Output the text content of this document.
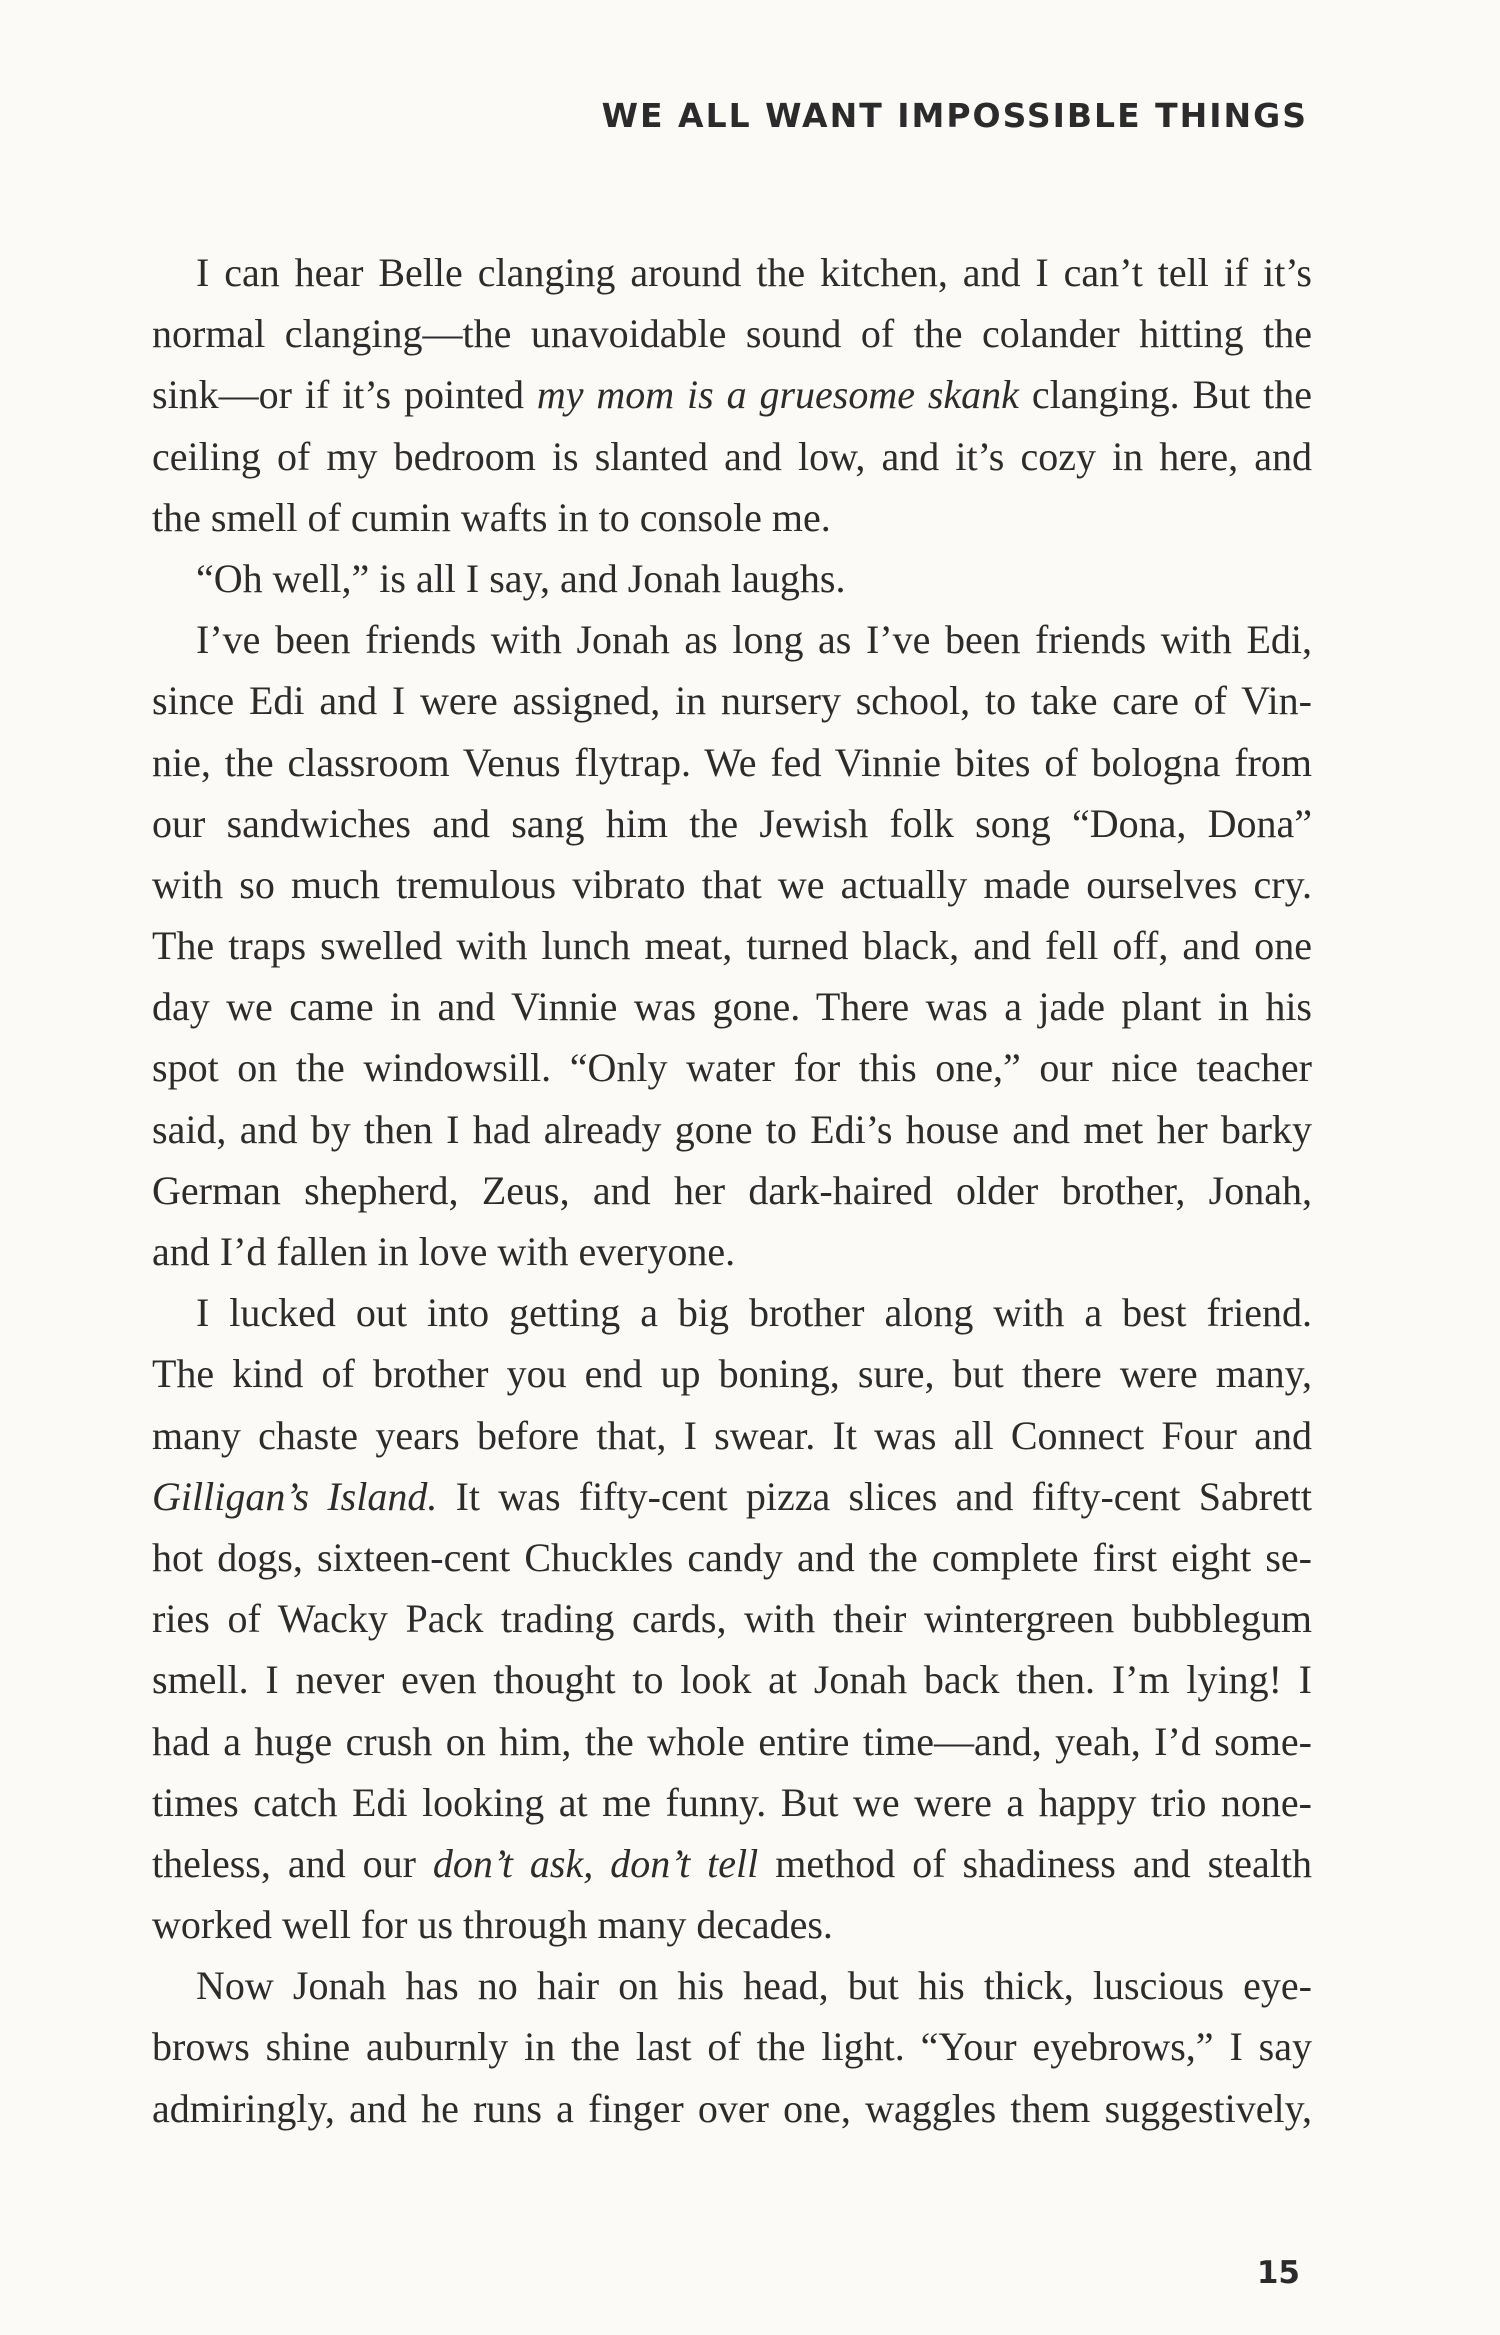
WE ALL WANT IMPOSSIBLE THINGS
I can hear Belle clanging around the kitchen, and I can’t tell if it’s
normal clanging—the unavoidable sound of the colander hitting the
sink—or if it’s pointed my mom is a gruesome skank clanging. But the
ceiling of my bedroom is slanted and low, and it’s cozy in here, and
the smell of cumin wafts in to console me.
“Oh well,” is all I say, and Jonah laughs.
I’ve been friends with Jonah as long as I’ve been friends with Edi,
since Edi and I were assigned, in nursery school, to take care of Vin-
nie, the classroom Venus flytrap. We fed Vinnie bites of bologna from
our sandwiches and sang him the Jewish folk song “Dona, Dona”
with so much tremulous vibrato that we actually made ourselves cry.
The traps swelled with lunch meat, turned black, and fell off, and one
day we came in and Vinnie was gone. There was a jade plant in his
spot on the windowsill. “Only water for this one,” our nice teacher
said, and by then I had already gone to Edi’s house and met her barky
German shepherd, Zeus, and her dark-haired older brother, Jonah,
and I’d fallen in love with everyone.
I lucked out into getting a big brother along with a best friend.
The kind of brother you end up boning, sure, but there were many,
many chaste years before that, I swear. It was all Connect Four and
Gilligan’s Island. It was fifty-cent pizza slices and fifty-cent Sabrett
hot dogs, sixteen-cent Chuckles candy and the complete first eight se-
ries of Wacky Pack trading cards, with their wintergreen bubblegum
smell. I never even thought to look at Jonah back then. I’m lying! I
had a huge crush on him, the whole entire time—and, yeah, I’d some-
times catch Edi looking at me funny. But we were a happy trio none-
theless, and our don’t ask, don’t tell method of shadiness and stealth
worked well for us through many decades.
Now Jonah has no hair on his head, but his thick, luscious eye-
brows shine auburnly in the last of the light. “Your eyebrows,” I say
admiringly, and he runs a finger over one, waggles them suggestively,
15
